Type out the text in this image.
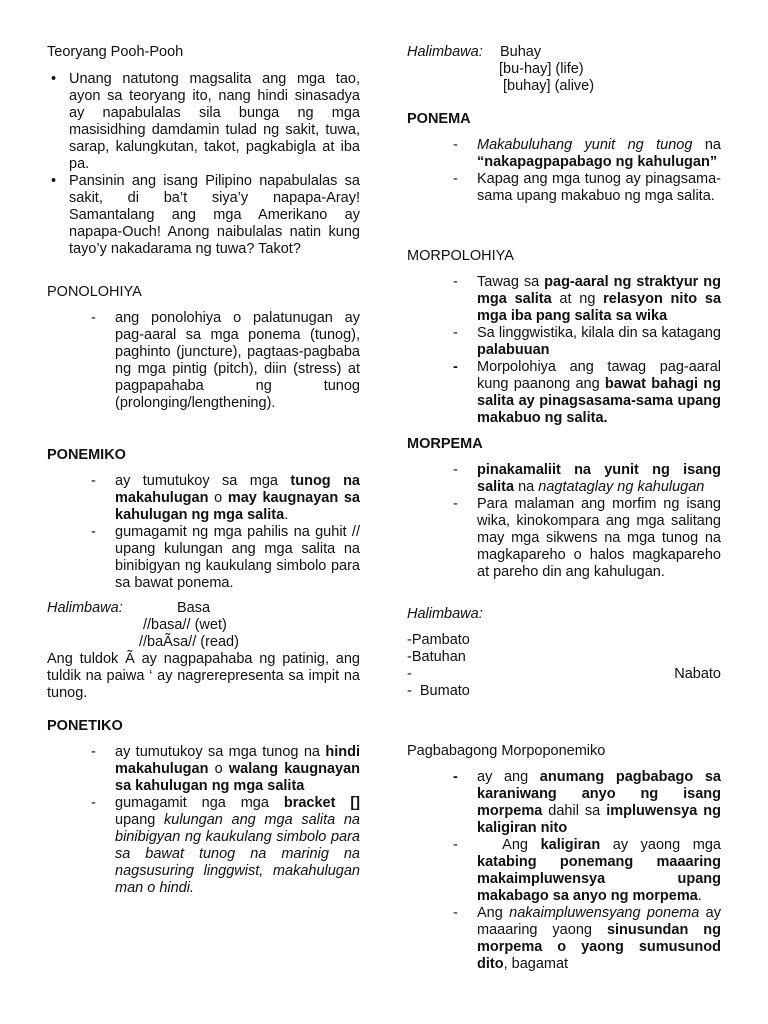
Teoryang Pooh-Pooh

• Unang natutong magsalita ang mga tao, ayon sa teoryang ito, nang hindi sinasadya ay napabulalas sila bunga ng mga masisidhing damdamin tulad ng sakit, tuwa, sarap, kalungkutan, takot, pagkabigla at iba pa.
• Pansinin ang isang Pilipino napabulalas sa sakit, di ba’t siya’y napapa-Aray! Samantalang ang mga Amerikano ay napapa-Ouch! Anong naibulalas natin kung tayo’y nakadarama ng tuwa? Takot?

PONOLOHIYA

- ang ponolohiya o palatunugan ay pag-aaral sa mga ponema (tunog), paghinto (juncture), pagtaas-pagbaba ng mga pintig (pitch), diin (stress) at pagpapahaba ng tunog (prolonging/lengthening).

PONEMIKO

- ay tumutukoy sa mga tunog na makahulugan o may kaugnayan sa kahulugan ng mga salita.
- gumagamit ng mga pahilis na guhit // upang kulungan ang mga salita na binibigyan ng kaukulang simbolo para sa bawat ponema.
Halimbawa:	Basa

//basa// (wet)

//baÃsa// (read)

Ang tuldok Ã ay nagpapahaba ng patinig, ang tuldik na paiwa ‘ ay nagrerepresenta sa impit na tunog.

PONETIKO

- ay tumutukoy sa mga tunog na hindi makahulugan o walang kaugnayan sa kahulugan ng mga salita
- gumagamit nga mga bracket [] upang kulungan ang mga salita na binibigyan ng kaukulang simbolo para sa bawat tunog na marinig na nagsusuring linggwist, makahulugan man o hindi.
Halimbawa: Buhay

[bu-hay] (life)

[buhay] (alive)

PONEMA

- Makabuluhang yunit ng tunog na “nakapagpapabago ng kahulugan”
- Kapag ang mga tunog ay pinagsama- sama upang makabuo ng mga salita.

MORPOLOHIYA

- Tawag sa pag-aaral ng straktyur ng mga salita at ng relasyon nito sa mga iba pang salita sa wika
- Sa linggwistika, kilala din sa katagang palabuuan
- Morpolohiya ang tawag pag-aaral kung paanong ang bawat bahagi ng salita ay pinagsasama-sama upang makabuo ng salita.

MORPEMA

- pinakamaliit na yunit ng isang salita na nagtataglay ng kahulugan
- Para malaman ang morfim ng isang wika, kinokompara ang mga salitang may mga sikwens na mga tunog na magkapareho o halos magkapareho at pareho din ang kahulugan.
Halimbawa:

-Pambato

-Batuhan

-	Nabato

-  Bumato

Pagbabagong Morpoponemiko

- ay ang anumang pagbabago sa karaniwang anyo ng isang morpema dahil sa impluwensya ng kaligiran nito
- Ang kaligiran ay yaong mga katabing ponemang maaaring makaimpluwensya upang makabago sa anyo ng morpema.
- Ang nakaimpluwensyang ponema ay maaaring yaong sinusundan ng morpema o yaong sumusunod dito, bagamat
